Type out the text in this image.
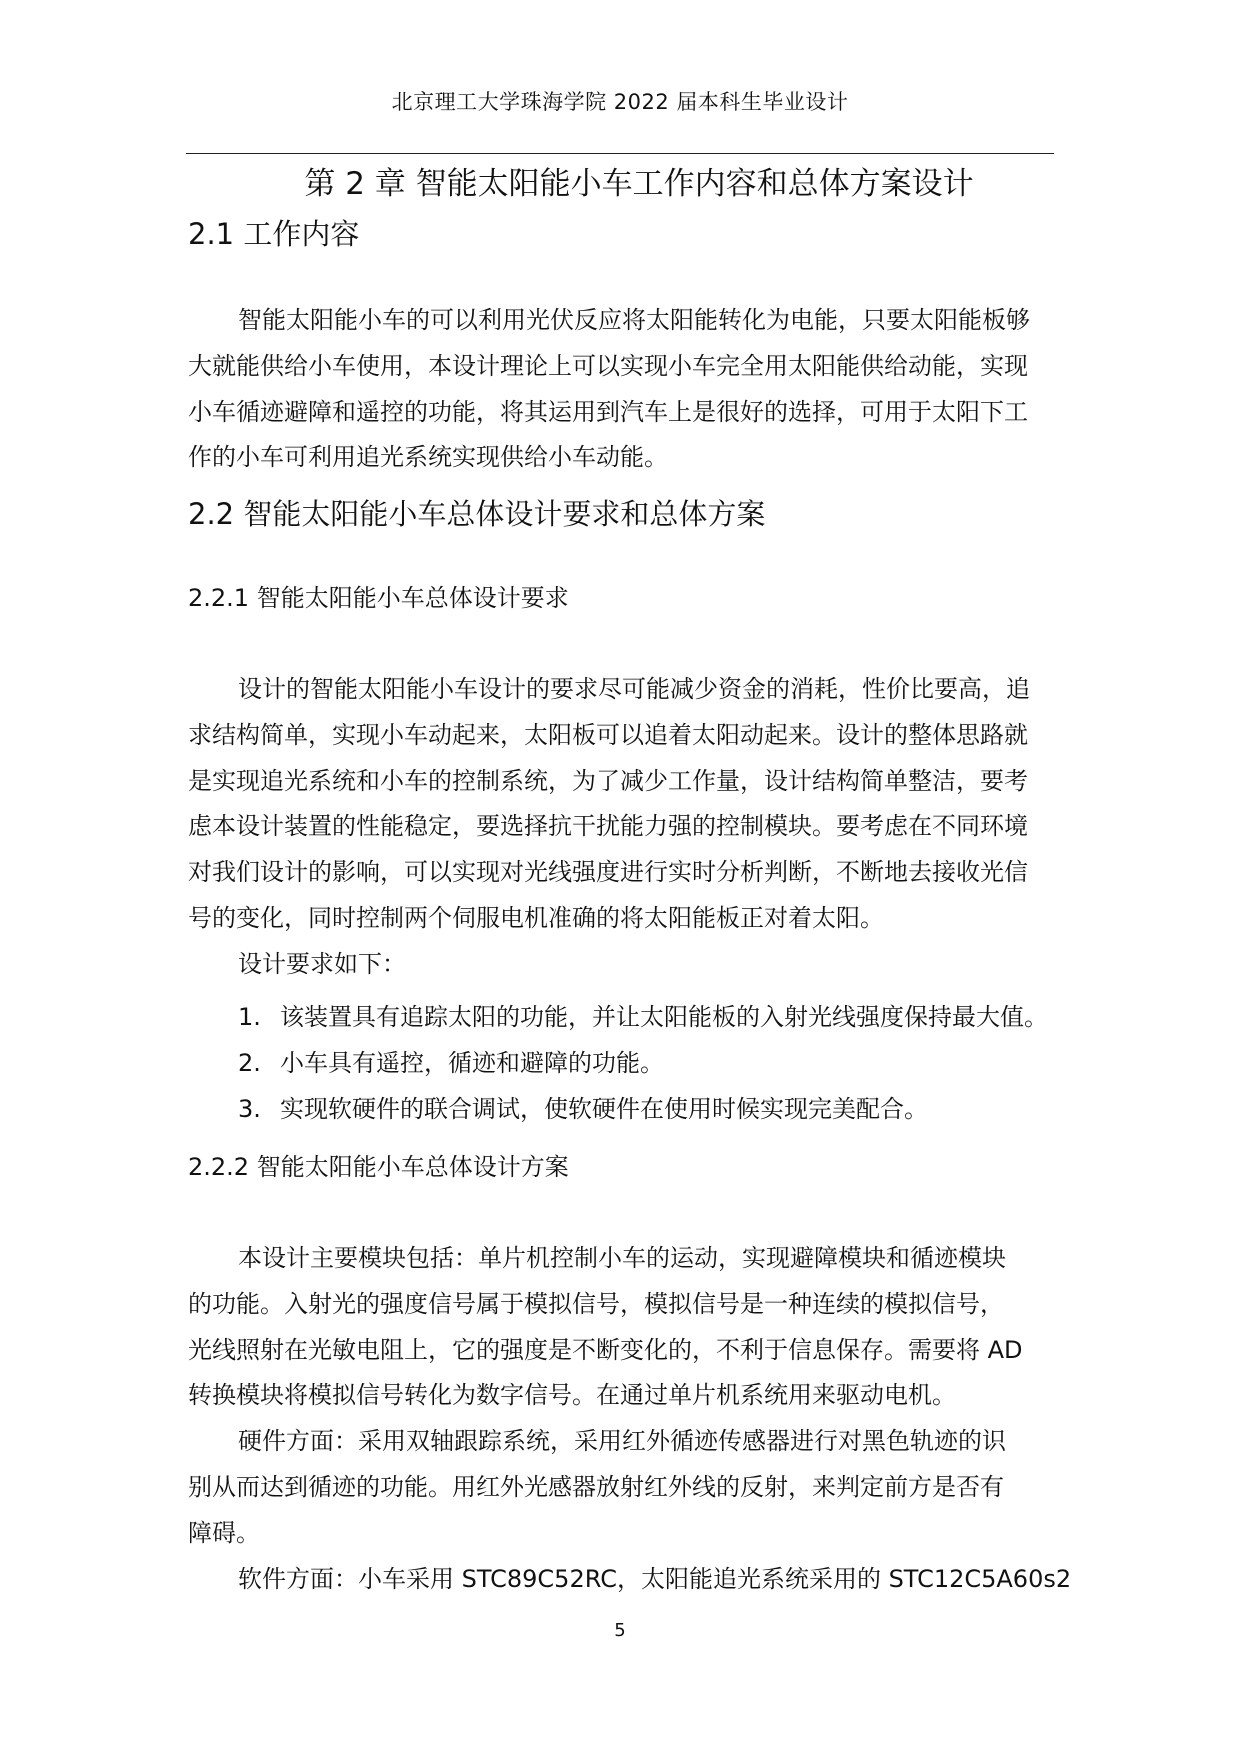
北京理工大学珠海学院 2022 届本科生毕业设计
第 2 章 智能太阳能小车工作内容和总体方案设计
2.1 工作内容
智能太阳能小车的可以利用光伏反应将太阳能转化为电能，只要太阳能板够
大就能供给小车使用，本设计理论上可以实现小车完全用太阳能供给动能，实现
小车循迹避障和遥控的功能，将其运用到汽车上是很好的选择，可用于太阳下工
作的小车可利用追光系统实现供给小车动能。
2.2 智能太阳能小车总体设计要求和总体方案
2.2.1 智能太阳能小车总体设计要求
设计的智能太阳能小车设计的要求尽可能减少资金的消耗，性价比要高，追
求结构简单，实现小车动起来，太阳板可以追着太阳动起来。设计的整体思路就
是实现追光系统和小车的控制系统，为了减少工作量，设计结构简单整洁，要考
虑本设计装置的性能稳定，要选择抗干扰能力强的控制模块。要考虑在不同环境
对我们设计的影响，可以实现对光线强度进行实时分析判断，不断地去接收光信
号的变化，同时控制两个伺服电机准确的将太阳能板正对着太阳。
设计要求如下：
1. 该装置具有追踪太阳的功能，并让太阳能板的入射光线强度保持最大值。
2. 小车具有遥控，循迹和避障的功能。
3. 实现软硬件的联合调试，使软硬件在使用时候实现完美配合。
2.2.2 智能太阳能小车总体设计方案
本设计主要模块包括：单片机控制小车的运动，实现避障模块和循迹模块
的功能。入射光的强度信号属于模拟信号，模拟信号是一种连续的模拟信号，
光线照射在光敏电阻上，它的强度是不断变化的，不利于信息保存。需要将 AD
转换模块将模拟信号转化为数字信号。在通过单片机系统用来驱动电机。
硬件方面：采用双轴跟踪系统，采用红外循迹传感器进行对黑色轨迹的识
别从而达到循迹的功能。用红外光感器放射红外线的反射，来判定前方是否有
障碍。
软件方面：小车采用 STC89C52RC，太阳能追光系统采用的 STC12C5A60s2
5
